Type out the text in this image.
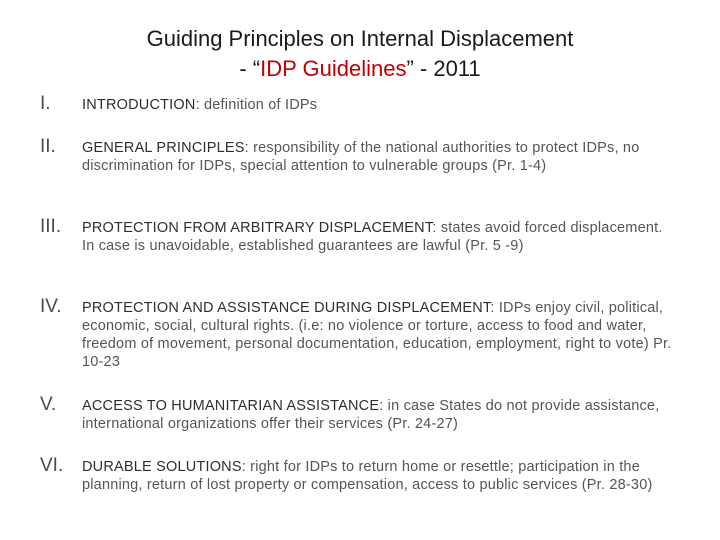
Guiding Principles on Internal Displacement
- “IDP Guidelines” - 2011
I. INTRODUCTION: definition of IDPs
II. GENERAL PRINCIPLES: responsibility of the national authorities to protect IDPs, no discrimination for IDPs, special attention to vulnerable groups (Pr. 1-4)
III. PROTECTION FROM ARBITRARY DISPLACEMENT: states avoid forced displacement. In case is unavoidable, established guarantees are lawful (Pr. 5 -9)
IV. PROTECTION AND ASSISTANCE DURING DISPLACEMENT: IDPs enjoy civil, political, economic, social, cultural rights. (i.e: no violence or torture, access to food and water, freedom of movement, personal documentation, education, employment, right to vote) Pr. 10-23
V. ACCESS TO HUMANITARIAN ASSISTANCE: in case States do not provide assistance, international organizations offer their services (Pr. 24-27)
VI. DURABLE SOLUTIONS: right for IDPs to return home or resettle; participation in the planning, return of lost property or compensation, access to public services (Pr. 28-30)
